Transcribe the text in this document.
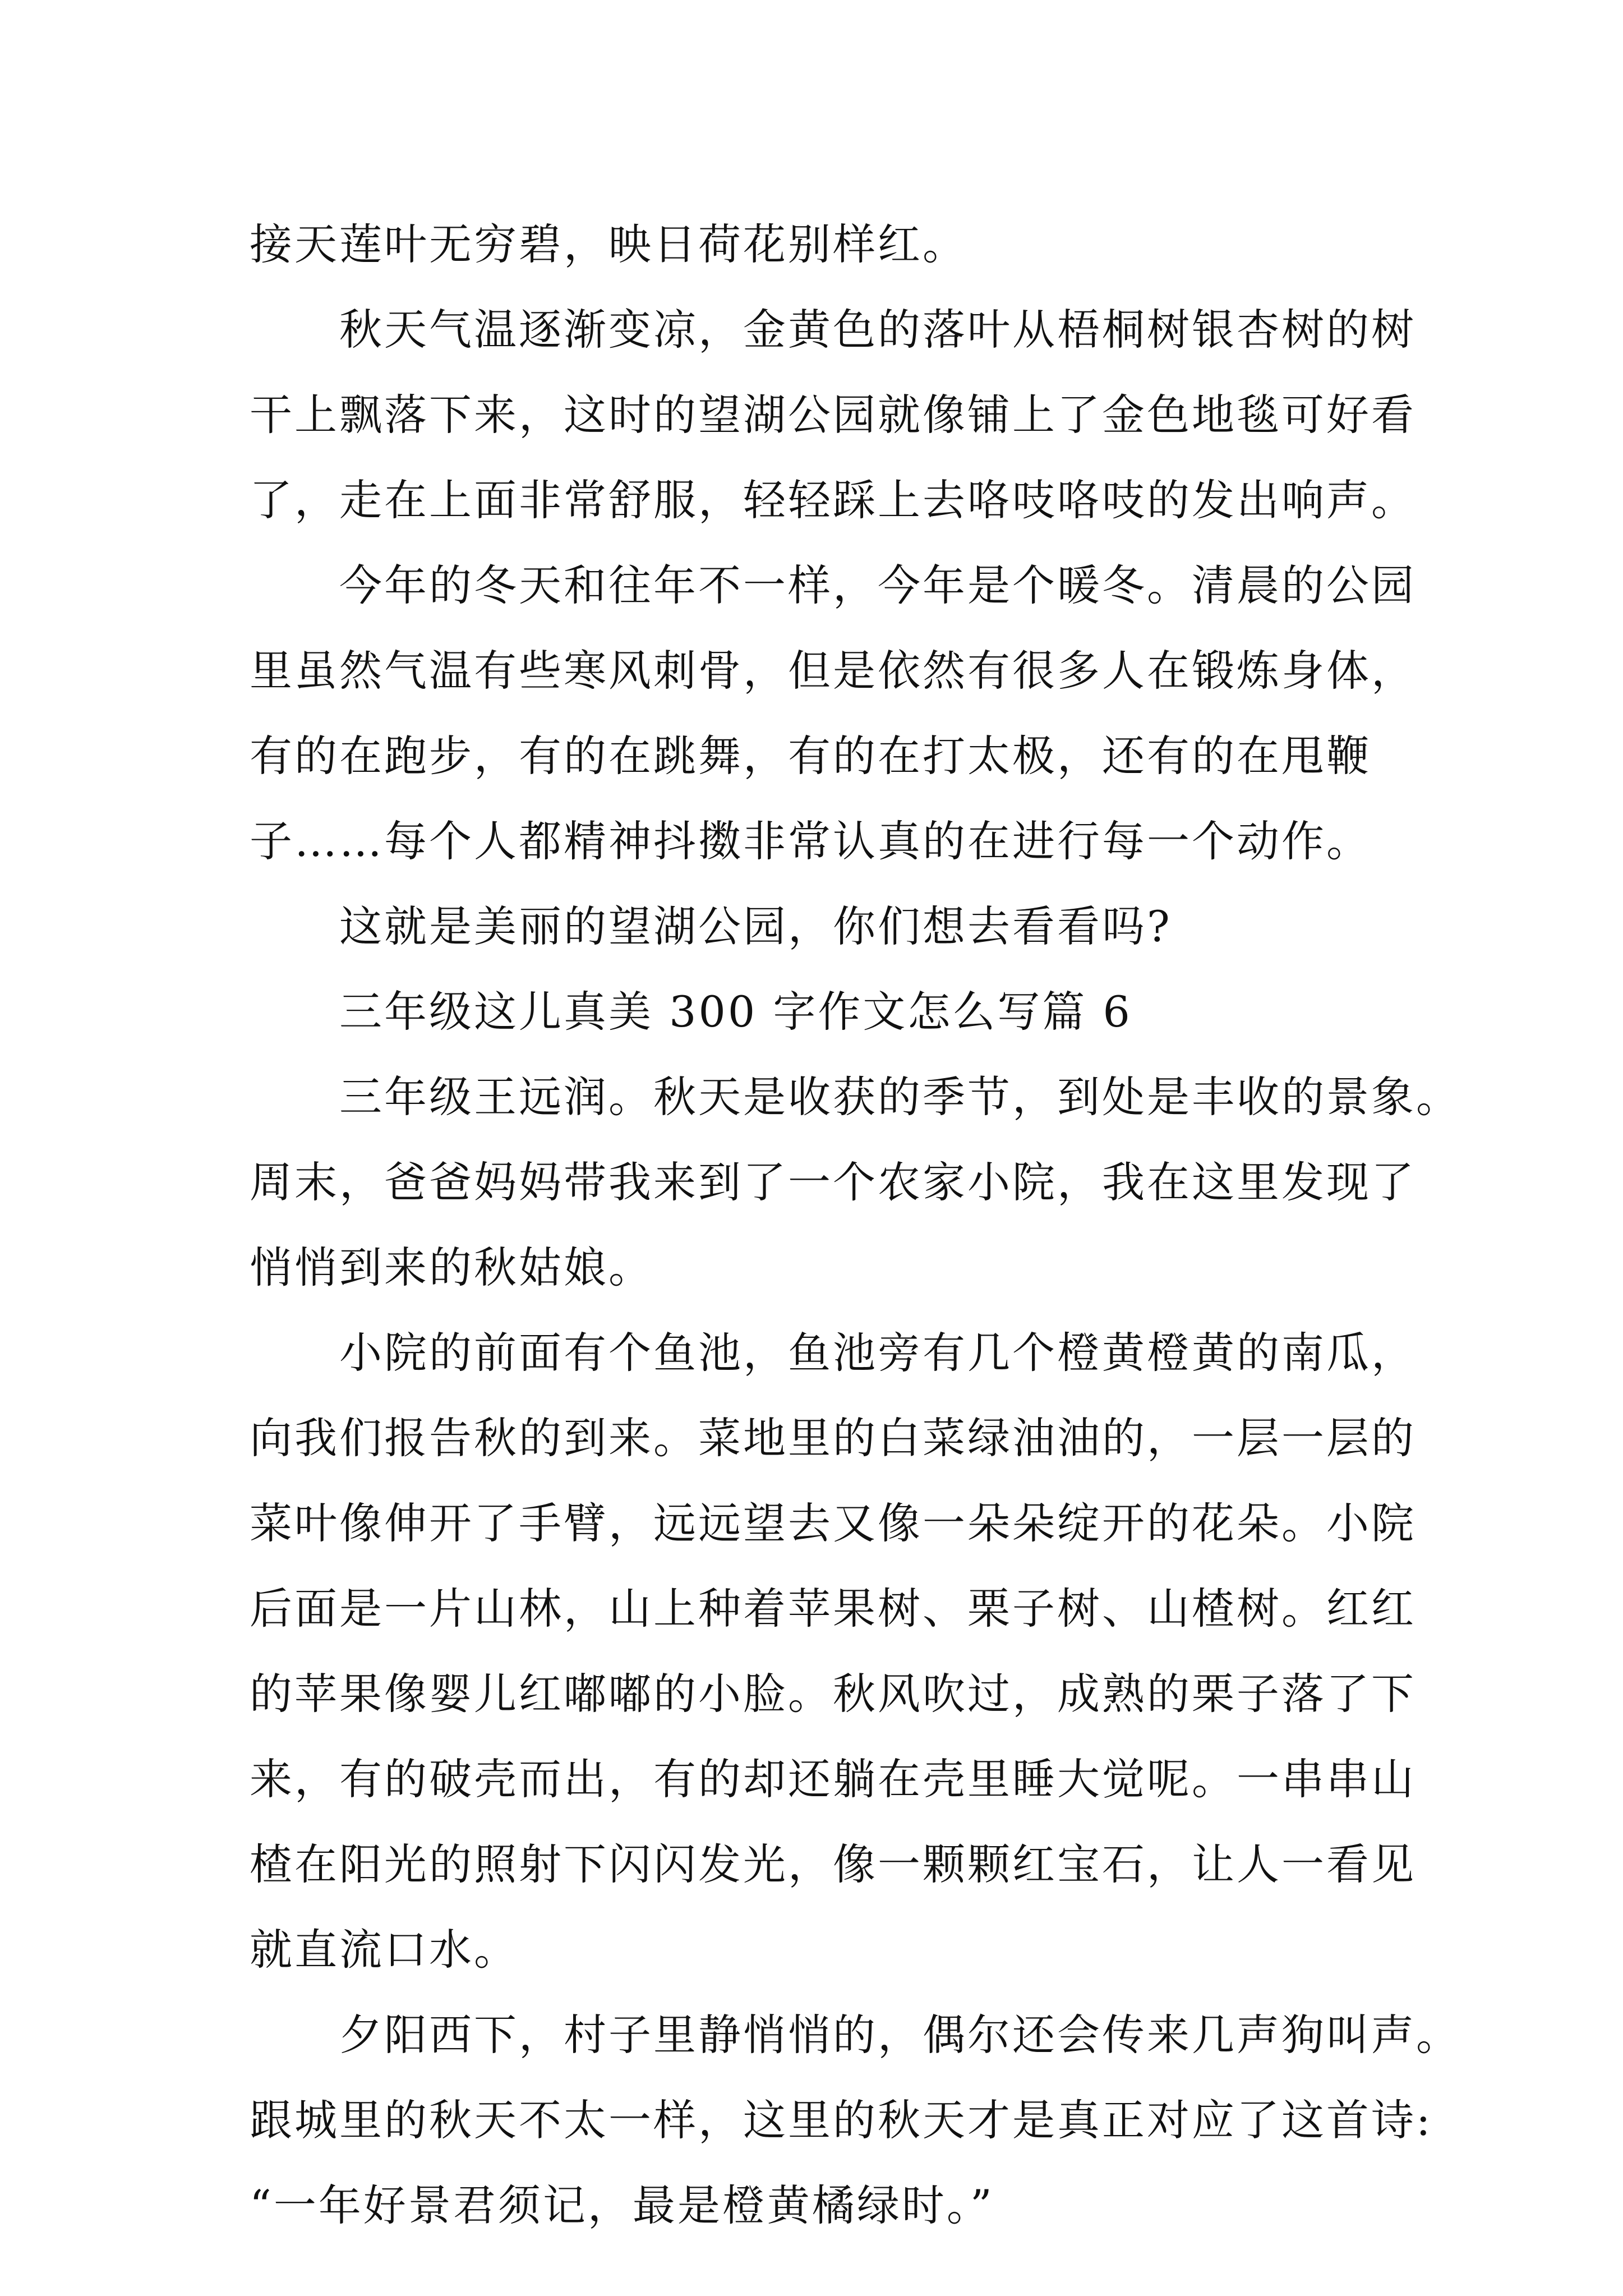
接天莲叶无穷碧，映日荷花别样红。
秋天气温逐渐变凉，金黄色的落叶从梧桐树银杏树的树
干上飘落下来，这时的望湖公园就像铺上了金色地毯可好看
了，走在上面非常舒服，轻轻踩上去咯吱咯吱的发出响声。
今年的冬天和往年不一样，今年是个暖冬。清晨的公园
里虽然气温有些寒风刺骨，但是依然有很多人在锻炼身体，
有的在跑步，有的在跳舞，有的在打太极，还有的在甩鞭
子……每个人都精神抖擞非常认真的在进行每一个动作。
这就是美丽的望湖公园，你们想去看看吗?
三年级这儿真美 300 字作文怎么写篇 6
三年级王远润。秋天是收获的季节，到处是丰收的景象。
周末，爸爸妈妈带我来到了一个农家小院，我在这里发现了
悄悄到来的秋姑娘。
小院的前面有个鱼池，鱼池旁有几个橙黄橙黄的南瓜，
向我们报告秋的到来。菜地里的白菜绿油油的，一层一层的
菜叶像伸开了手臂，远远望去又像一朵朵绽开的花朵。小院
后面是一片山林，山上种着苹果树、栗子树、山楂树。红红
的苹果像婴儿红嘟嘟的小脸。秋风吹过，成熟的栗子落了下
来，有的破壳而出，有的却还躺在壳里睡大觉呢。一串串山
楂在阳光的照射下闪闪发光，像一颗颗红宝石，让人一看见
就直流口水。
夕阳西下，村子里静悄悄的，偶尔还会传来几声狗叫声。
跟城里的秋天不太一样，这里的秋天才是真正对应了这首诗:
“一年好景君须记，最是橙黄橘绿时。”
